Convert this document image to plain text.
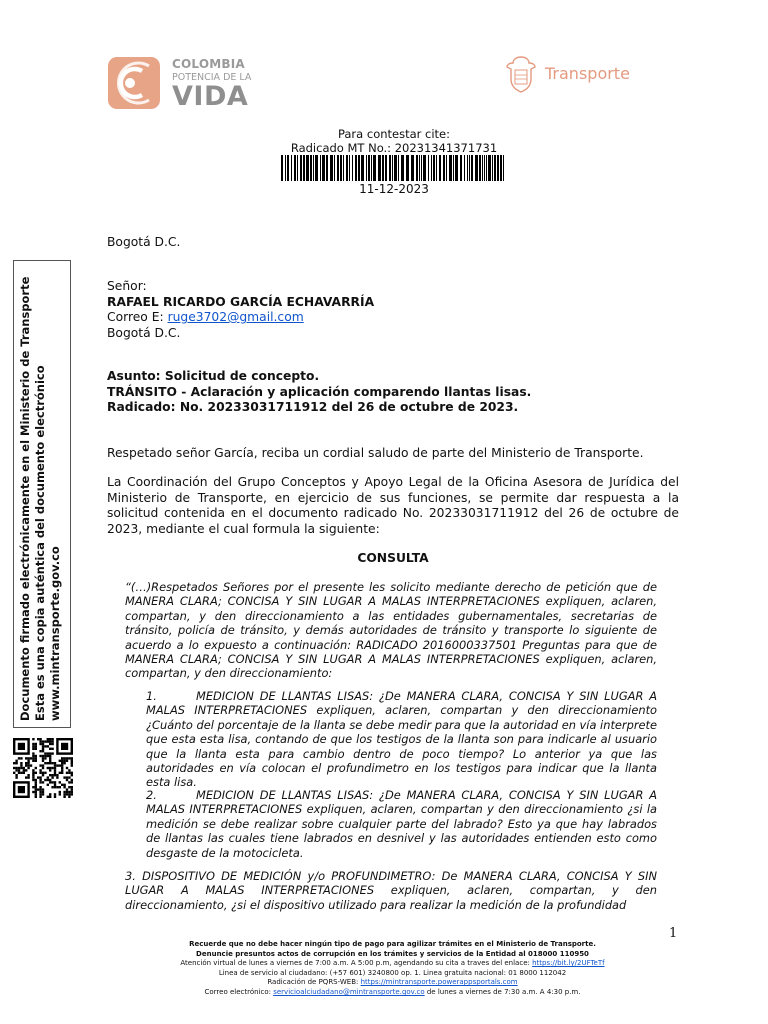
COLOMBIA
POTENCIA DE LA
VIDA
Transporte
Para contestar cite:
Radicado MT No.: 20231341371731
11-12-2023
Documento firmado electrónicamente en el Ministerio de Transporte Esta es una copia auténtica del documento electrónico www.mintransporte.gov.co
Bogotá D.C.
Señor:
RAFAEL RICARDO GARCÍA ECHAVARRÍA
Correo E: ruge3702@gmail.com
Bogotá D.C.
Asunto: Solicitud de concepto.
TRÁNSITO - Aclaración y aplicación comparendo llantas lisas.
Radicado: No. 20233031711912 del 26 de octubre de 2023.
Respetado señor García, reciba un cordial saludo de parte del Ministerio de Transporte.
La Coordinación del Grupo Conceptos y Apoyo Legal de la Oficina Asesora de Jurídica del Ministerio de Transporte, en ejercicio de sus funciones, se permite dar respuesta a la solicitud contenida en el documento radicado No. 20233031711912 del 26 de octubre de 2023, mediante el cual formula la siguiente:
CONSULTA
“(…)Respetados Señores por el presente les solicito mediante derecho de petición que de MANERA CLARA; CONCISA Y SIN LUGAR A MALAS INTERPRETACIONES expliquen, aclaren, compartan, y den direccionamiento a las entidades gubernamentales, secretarias de tránsito, policía de tránsito, y demás autoridades de tránsito y transporte lo siguiente de acuerdo a lo expuesto a continuación: RADICADO 2016000337501 Preguntas para que de MANERA CLARA; CONCISA Y SIN LUGAR A MALAS INTERPRETACIONES expliquen, aclaren, compartan, y den direccionamiento:
1.	MEDICION DE LLANTAS LISAS: ¿De MANERA CLARA, CONCISA Y SIN LUGAR A MALAS INTERPRETACIONES expliquen, aclaren, compartan y den direccionamiento ¿Cuánto del porcentaje de la llanta se debe medir para que la autoridad en vía interprete que esta esta lisa, contando de que los testigos de la llanta son para indicarle al usuario que la llanta esta para cambio dentro de poco tiempo? Lo anterior ya que las autoridades en vía colocan el profundimetro en los testigos para indicar que la llanta esta lisa.
2.	MEDICION DE LLANTAS LISAS: ¿De MANERA CLARA, CONCISA Y SIN LUGAR A MALAS INTERPRETACIONES expliquen, aclaren, compartan y den direccionamiento ¿si la medición se debe realizar sobre cualquier parte del labrado? Esto ya que hay labrados de llantas las cuales tiene labrados en desnivel y las autoridades entienden esto como desgaste de la motocicleta.
3. DISPOSITIVO DE MEDICIÓN y/o PROFUNDIMETRO: De MANERA CLARA, CONCISA Y SIN LUGAR A MALAS INTERPRETACIONES expliquen, aclaren, compartan, y den direccionamiento, ¿si el dispositivo utilizado para realizar la medición de la profundidad
1
Recuerde que no debe hacer ningún tipo de pago para agilizar trámites en el Ministerio de Transporte.
Denuncie presuntos actos de corrupción en los trámites y servicios de la Entidad al 018000 110950
Atención virtual de lunes a viernes de 7:00 a.m. A 5:00 p.m, agendando su cita a traves del enlace: https://bit.ly/2UFTeTf
Linea de servicio al ciudadano: (+57 601) 3240800 op. 1. Linea gratuita nacional: 01 8000 112042
Radicación de PQRS-WEB: https://mintransporte.powerappsportals.com
Correo electrónico: servicioalciudadano@mintransporte.gov.co de lunes a viernes de 7:30 a.m. A 4:30 p.m.
